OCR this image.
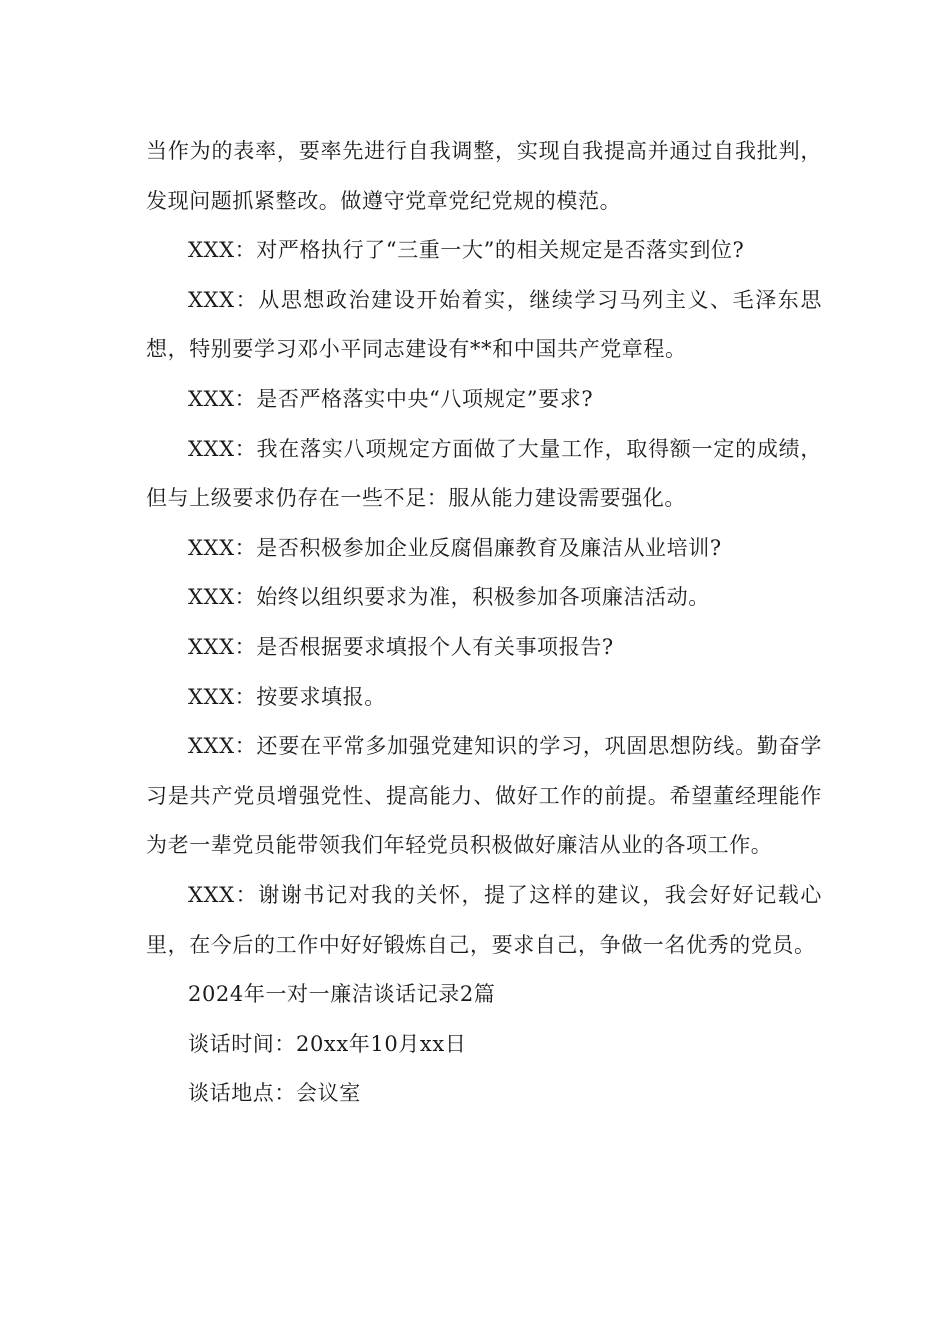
当作为的表率，要率先进行自我调整，实现自我提高并通过自我批判，发现问题抓紧整改。做遵守党章党纪党规的模范。

XXX：对严格执行了“三重一大”的相关规定是否落实到位?

XXX：从思想政治建设开始着实，继续学习马列主义、毛泽东思想，特别要学习邓小平同志建设有**和中国共产党章程。

XXX：是否严格落实中央“八项规定”要求?

XXX：我在落实八项规定方面做了大量工作，取得额一定的成绩，但与上级要求仍存在一些不足：服从能力建设需要强化。

XXX：是否积极参加企业反腐倡廉教育及廉洁从业培训?

XXX：始终以组织要求为准，积极参加各项廉洁活动。

XXX：是否根据要求填报个人有关事项报告?

XXX：按要求填报。

XXX：还要在平常多加强党建知识的学习，巩固思想防线。勤奋学习是共产党员增强党性、提高能力、做好工作的前提。希望董经理能作为老一辈党员能带领我们年轻党员积极做好廉洁从业的各项工作。

XXX：谢谢书记对我的关怀，提了这样的建议，我会好好记载心里，在今后的工作中好好锻炼自己，要求自己，争做一名优秀的党员。

2024年一对一廉洁谈话记录2篇

谈话时间：20xx年10月xx日

谈话地点：会议室
